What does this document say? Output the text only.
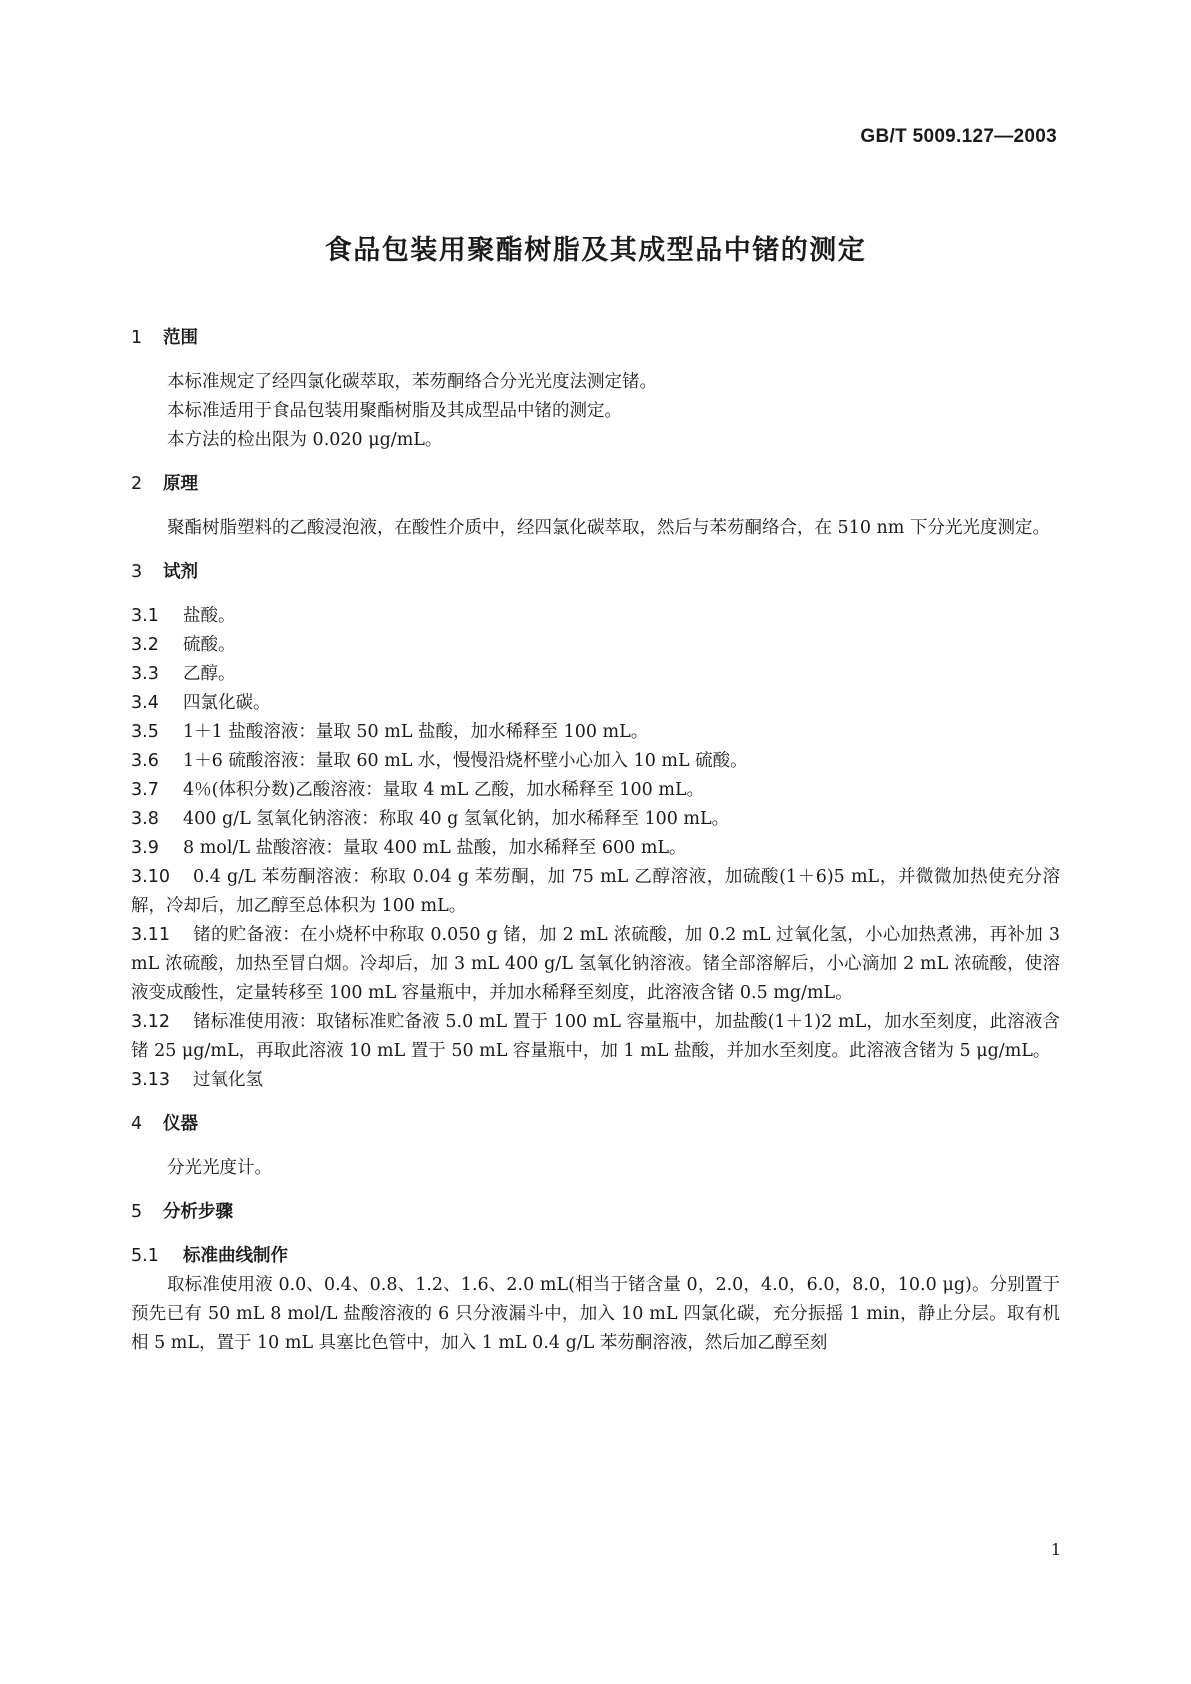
GB/T 5009.127—2003
食品包装用聚酯树脂及其成型品中锗的测定
1 范围

本标准规定了经四氯化碳萃取，苯芴酮络合分光光度法测定锗。

本标准适用于食品包装用聚酯树脂及其成型品中锗的测定。

本方法的检出限为 0.020 μg/mL。

2 原理

聚酯树脂塑料的乙酸浸泡液，在酸性介质中，经四氯化碳萃取，然后与苯芴酮络合，在 510 nm 下分光光度测定。

3 试剂

3.1 盐酸。

3.2 硫酸。

3.3 乙醇。

3.4 四氯化碳。

3.5 1＋1 盐酸溶液：量取 50 mL 盐酸，加水稀释至 100 mL。

3.6 1＋6 硫酸溶液：量取 60 mL 水，慢慢沿烧杯壁小心加入 10 mL 硫酸。

3.7 4％(体积分数)乙酸溶液：量取 4 mL 乙酸，加水稀释至 100 mL。

3.8 400 g/L 氢氧化钠溶液：称取 40 g 氢氧化钠，加水稀释至 100 mL。

3.9 8 mol/L 盐酸溶液：量取 400 mL 盐酸，加水稀释至 600 mL。

3.10 0.4 g/L 苯芴酮溶液：称取 0.04 g 苯芴酮，加 75 mL 乙醇溶液，加硫酸(1＋6)5 mL，并微微加热使充分溶解，冷却后，加乙醇至总体积为 100 mL。

3.11 锗的贮备液：在小烧杯中称取 0.050 g 锗，加 2 mL 浓硫酸，加 0.2 mL 过氧化氢，小心加热煮沸，再补加 3 mL 浓硫酸，加热至冒白烟。冷却后，加 3 mL 400 g/L 氢氧化钠溶液。锗全部溶解后，小心滴加 2 mL 浓硫酸，使溶液变成酸性，定量转移至 100 mL 容量瓶中，并加水稀释至刻度，此溶液含锗 0.5 mg/mL。

3.12 锗标准使用液：取锗标准贮备液 5.0 mL 置于 100 mL 容量瓶中，加盐酸(1＋1)2 mL，加水至刻度，此溶液含锗 25 μg/mL，再取此溶液 10 mL 置于 50 mL 容量瓶中，加 1 mL 盐酸，并加水至刻度。此溶液含锗为 5 μg/mL。

3.13 过氧化氢

4 仪器

分光光度计。

5 分析步骤
5.1 标准曲线制作

取标准使用液 0.0、0.4、0.8、1.2、1.6、2.0 mL(相当于锗含量 0，2.0，4.0，6.0，8.0，10.0 μg)。分别置于预先已有 50 mL 8 mol/L 盐酸溶液的 6 只分液漏斗中，加入 10 mL 四氯化碳，充分振摇 1 min，静止分层。取有机相 5 mL，置于 10 mL 具塞比色管中，加入 1 mL 0.4 g/L 苯芴酮溶液，然后加乙醇至刻

1
